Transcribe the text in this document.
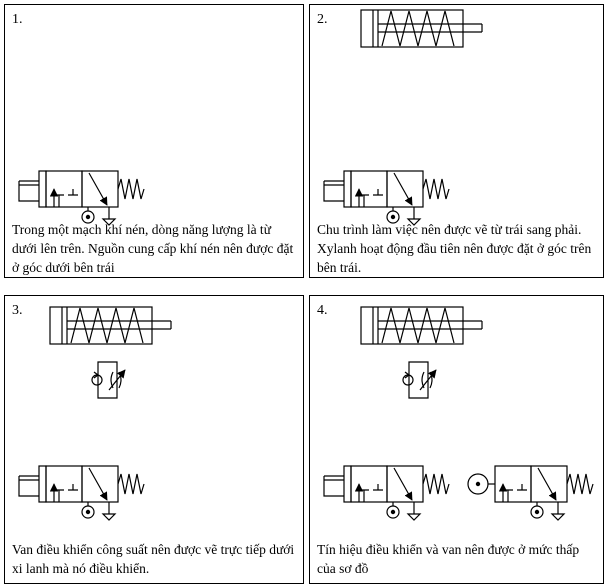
1.
Trong một mạch khí nén, dòng năng lượng là từ dưới lên trên. Nguồn cung cấp khí nén nên được đặt ở góc dưới bên trái
2.
Chu trình làm việc nên được vẽ từ trái sang phải. Xylanh hoạt động đầu tiên nên được đặt ở góc trên bên trái.
3.
Van điều khiển công suất nên được vẽ trực tiếp dưới xi lanh mà nó điều khiển.
4.
Tín hiệu điều khiển và van nên được ở mức thấp của sơ đồ
